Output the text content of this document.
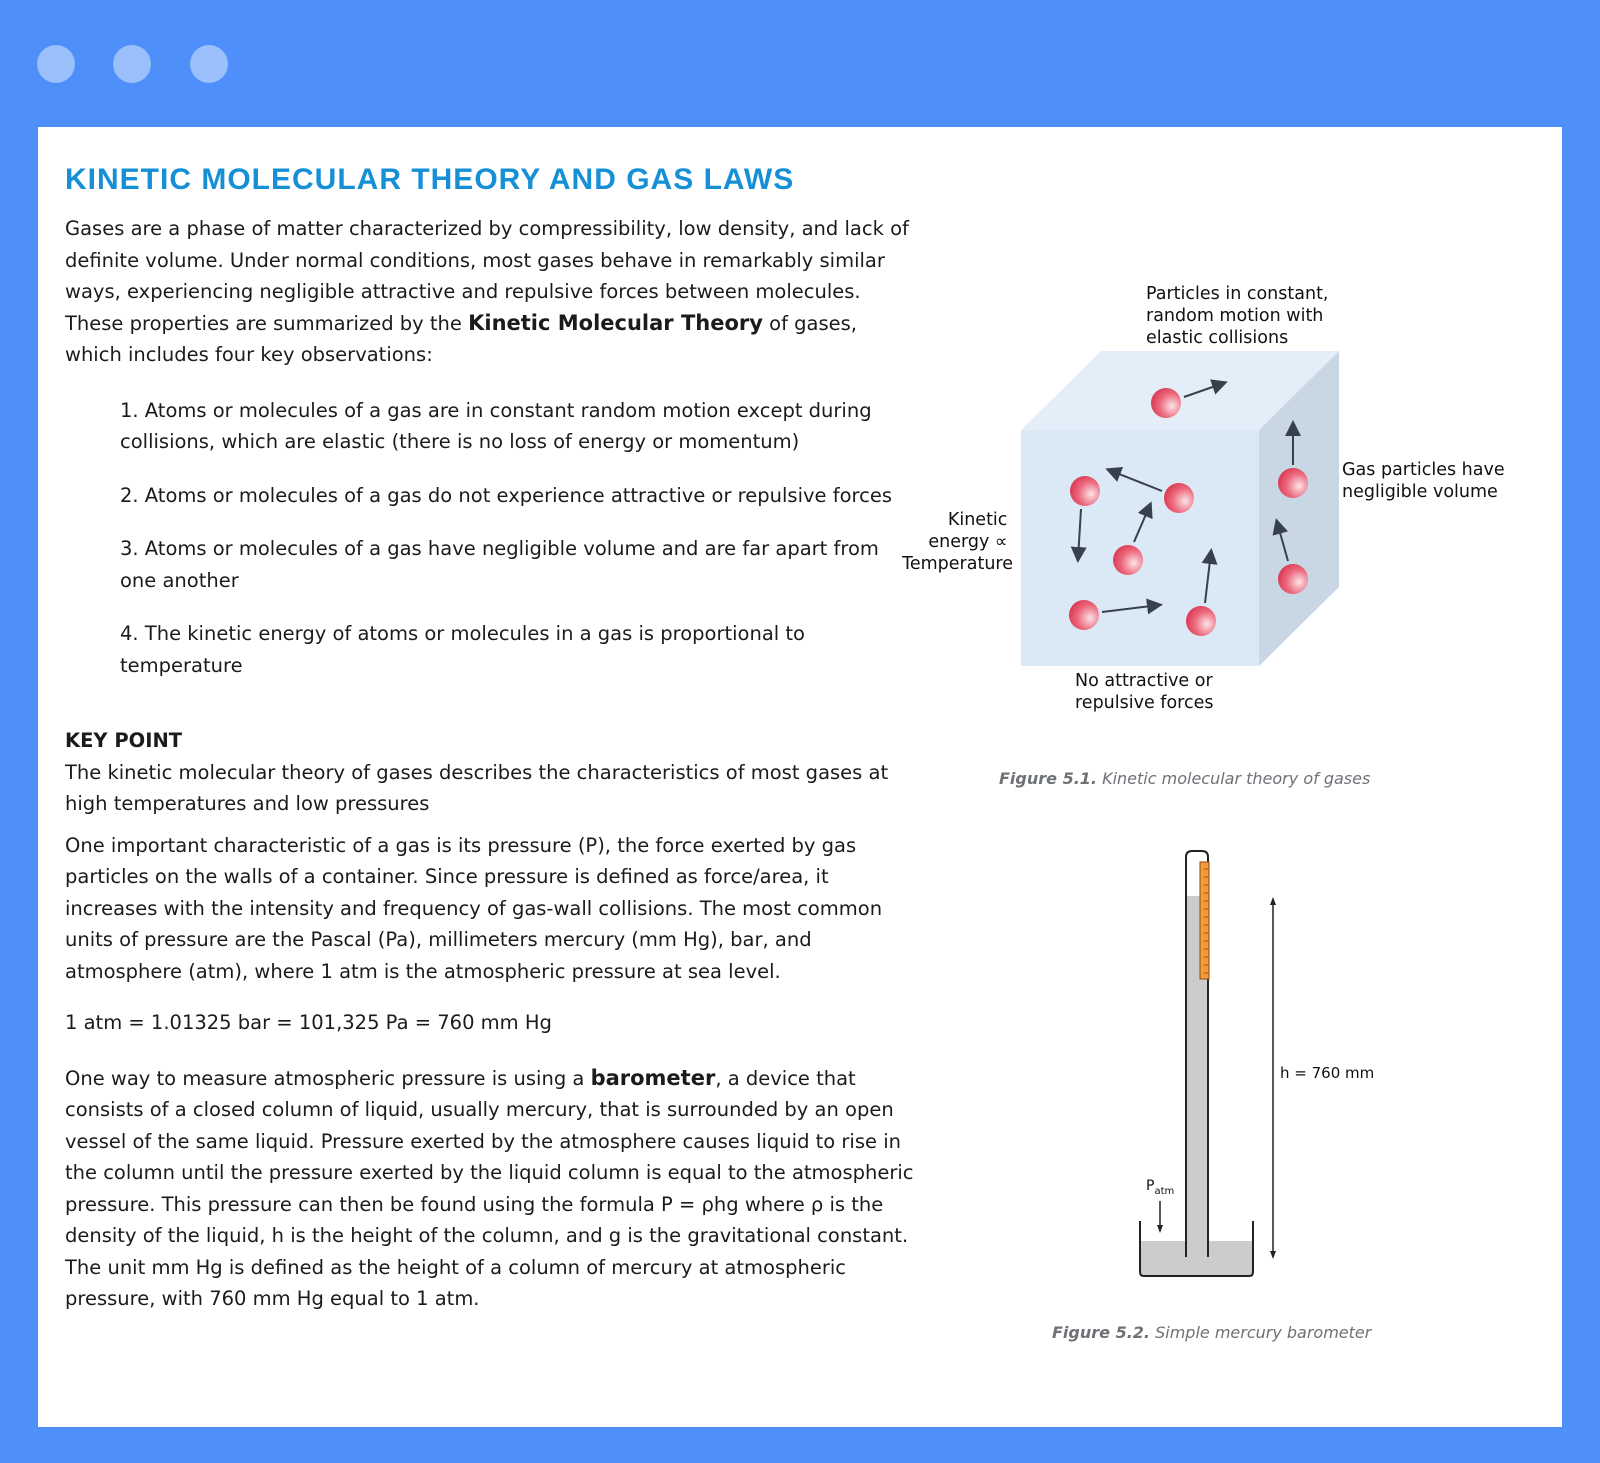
KINETIC MOLECULAR THEORY AND GAS LAWS

Gases are a phase of matter characterized by compressibility, low density, and lack of definite volume. Under normal conditions, most gases behave in remarkably similar ways, experiencing negligible attractive and repulsive forces between molecules. These properties are summarized by the Kinetic Molecular Theory of gases, which includes four key observations:

1. Atoms or molecules of a gas are in constant random motion except during collisions, which are elastic (there is no loss of energy or momentum)
2. Atoms or molecules of a gas do not experience attractive or repulsive forces
3. Atoms or molecules of a gas have negligible volume and are far apart from one another
4. The kinetic energy of atoms or molecules in a gas is proportional to temperature

KEY POINT

The kinetic molecular theory of gases describes the characteristics of most gases at high temperatures and low pressures

One important characteristic of a gas is its pressure (P), the force exerted by gas particles on the walls of a container. Since pressure is defined as force/area, it increases with the intensity and frequency of gas-wall collisions. The most common units of pressure are the Pascal (Pa), millimeters mercury (mm Hg), bar, and atmosphere (atm), where 1 atm is the atmospheric pressure at sea level.

1 atm = 1.01325 bar = 101,325 Pa = 760 mm Hg

One way to measure atmospheric pressure is using a barometer, a device that consists of a closed column of liquid, usually mercury, that is surrounded by an open vessel of the same liquid. Pressure exerted by the atmosphere causes liquid to rise in the column until the pressure exerted by the liquid column is equal to the atmospheric pressure. This pressure can then be found using the formula P = ρhg where ρ is the density of the liquid, h is the height of the column, and g is the gravitational constant. The unit mm Hg is defined as the height of a column of mercury at atmospheric pressure, with 760 mm Hg equal to 1 atm.

Particles in constant, random motion with elastic collisions
Gas particles have negligible volume
Kinetic energy ∝ Temperature
No attractive or repulsive forces
Figure 5.1. Kinetic molecular theory of gases
h = 760 mm
$P_{atm}$
Figure 5.2. Simple mercury barometer
